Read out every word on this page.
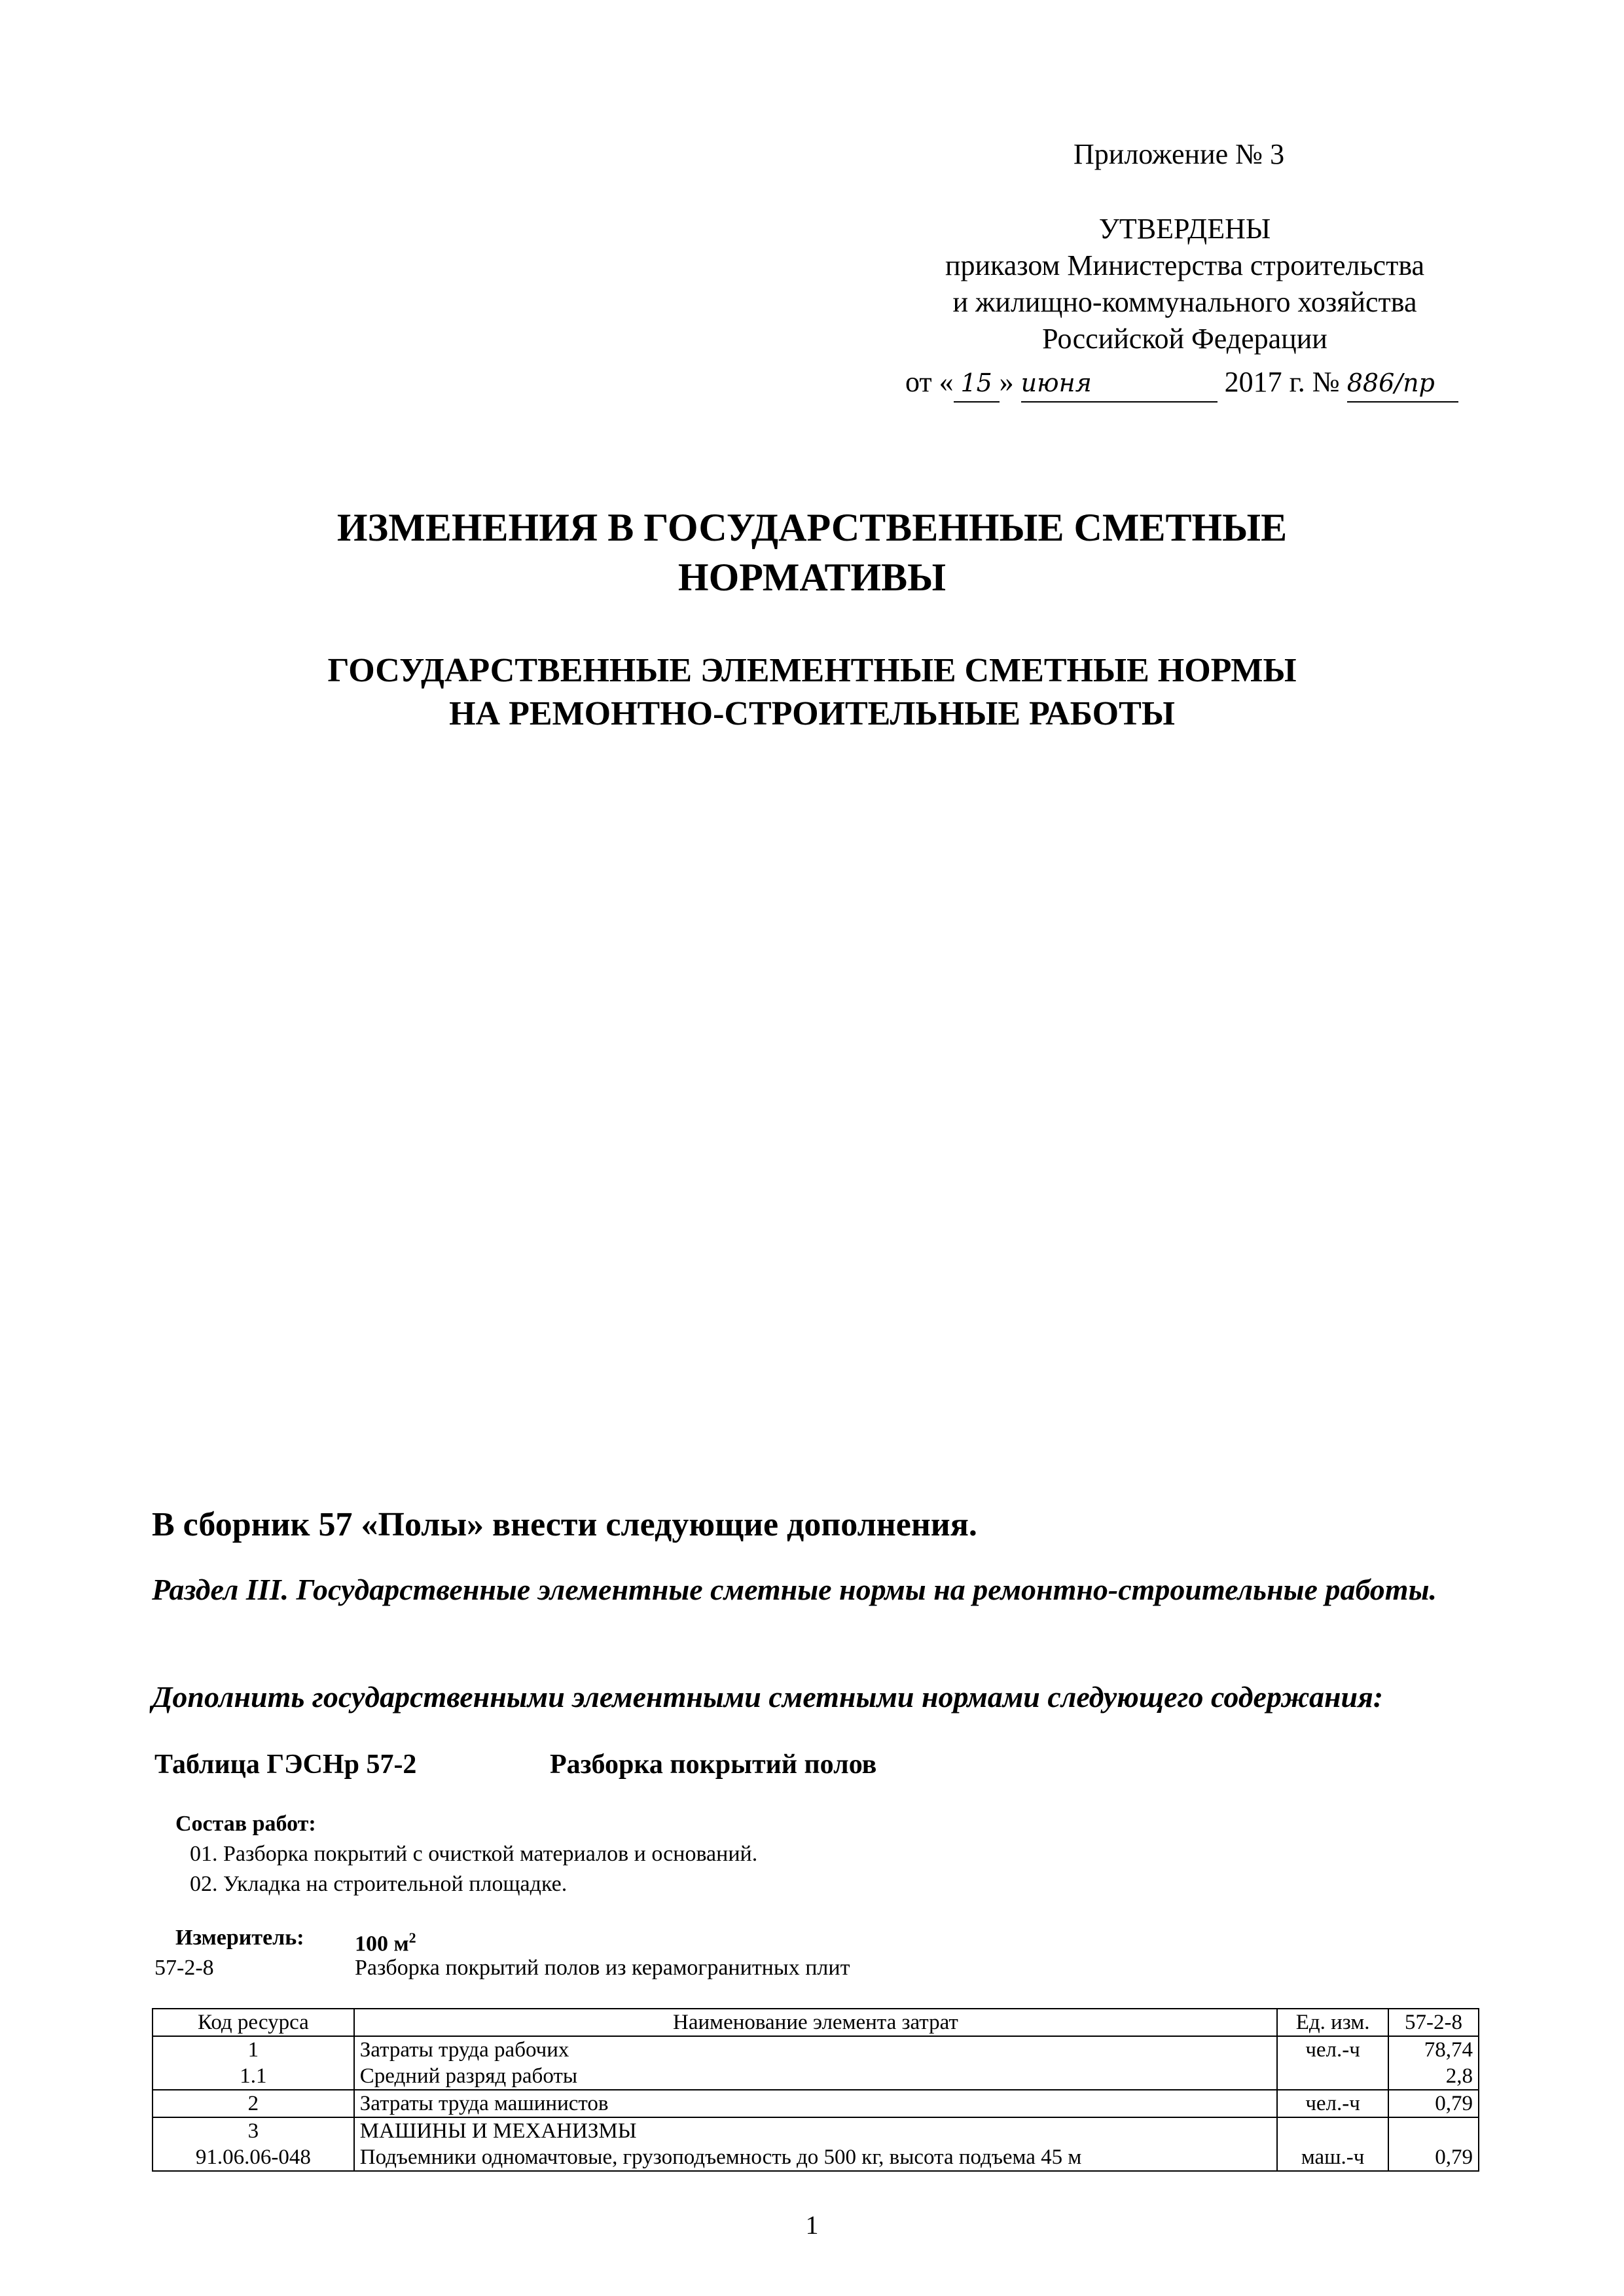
Приложение № 3
УТВЕРДЕНЫ
приказом Министерства строительства
и жилищно-коммунального хозяйства
Российской Федерации
от « 15 » июня	2017 г. № 886/пр
ИЗМЕНЕНИЯ В ГОСУДАРСТВЕННЫЕ СМЕТНЫЕ
НОРМАТИВЫ
ГОСУДАРСТВЕННЫЕ ЭЛЕМЕНТНЫЕ СМЕТНЫЕ НОРМЫ
НА РЕМОНТНО-СТРОИТЕЛЬНЫЕ РАБОТЫ
В сборник 57 «Полы» внести следующие дополнения.
Раздел III. Государственные элементные сметные нормы на ремонтно-строительные работы.
Дополнить государственными элементными сметными нормами следующего содержания:
Таблица ГЭСНр 57-2	Разборка покрытий полов
Состав работ:
01. Разборка покрытий с очисткой материалов и оснований.
02. Укладка на строительной площадке.
Измеритель: 100 $м^2$
57-2-8	Разборка покрытий полов из керамогранитных плит
Код ресурса	Наименование элемента затрат	Ед. изм.	57-2-8
1	Затраты труда рабочих	чел.-ч	78,74
1.1	Средний разряд работы		2,8
2	Затраты труда машинистов	чел.-ч	0,79
3	МАШИНЫ И МЕХАНИЗМЫ		
91.06.06-048	Подъемники одномачтовые, грузоподъемность до 500 кг, высота подъема 45 м	маш.-ч	0,79
1
